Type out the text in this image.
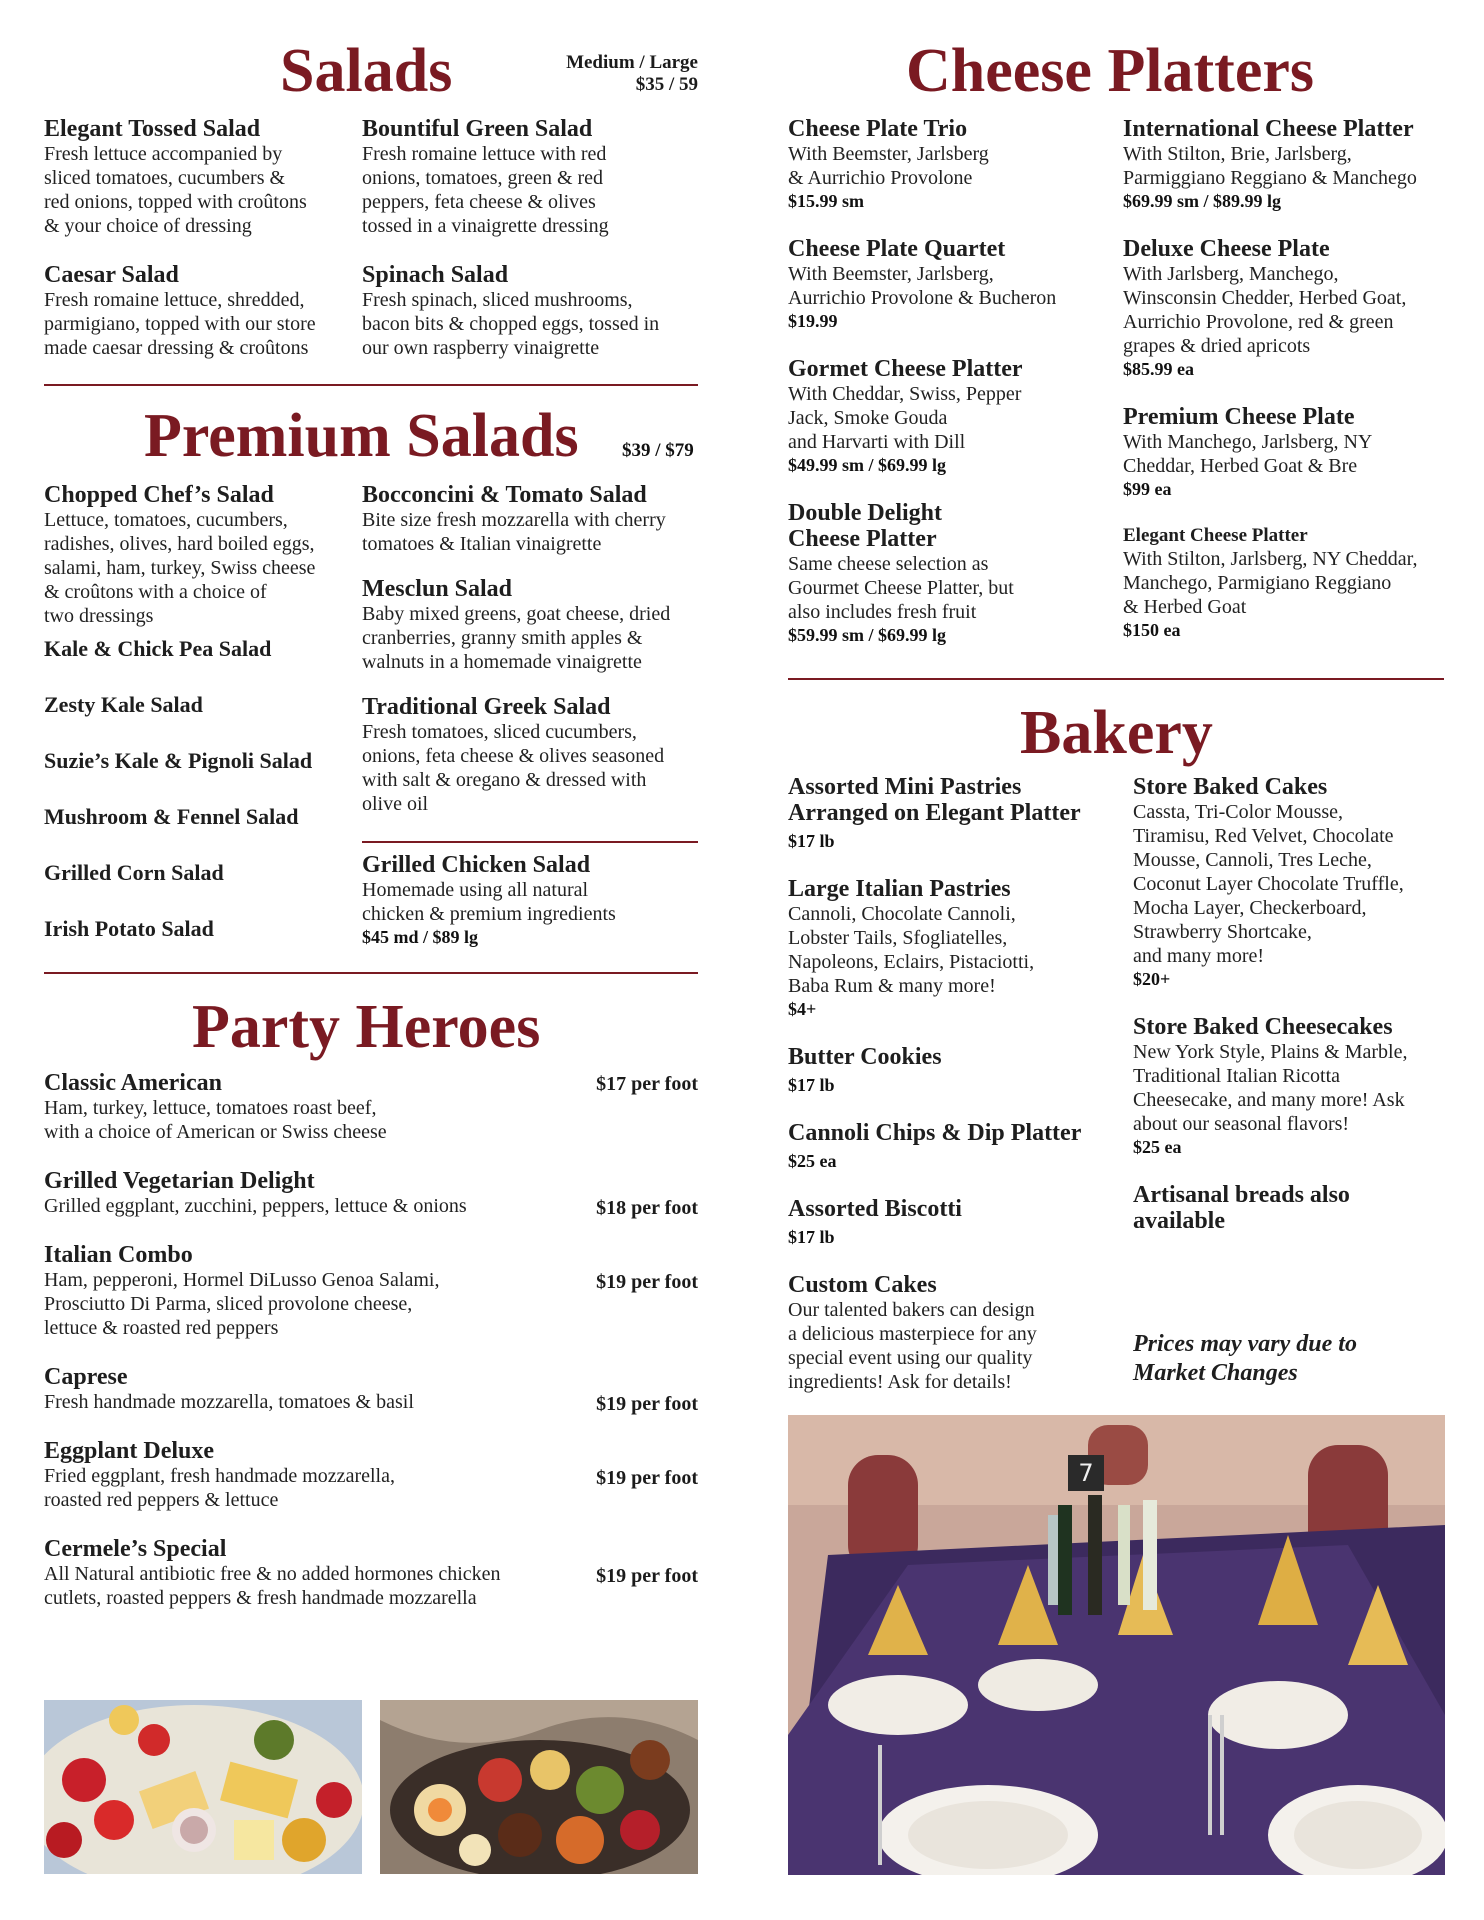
Salads	Medium / Large
$35 / 59
Elegant Tossed Salad
Fresh lettuce accompanied by
sliced tomatoes, cucumbers &
red onions, topped with croûtons
& your choice of dressing
Caesar Salad
Fresh romaine lettuce, shredded,
parmigiano, topped with our store
made caesar dressing & croûtons
Bountiful Green Salad
Fresh romaine lettuce with red
onions, tomatoes, green & red
peppers, feta cheese & olives
tossed in a vinaigrette dressing
Spinach Salad
Fresh spinach, sliced mushrooms,
bacon bits & chopped eggs, tossed in
our own raspberry vinaigrette
Premium Salads $39 / $79
Chopped Chef’s Salad
Lettuce, tomatoes, cucumbers,
radishes, olives, hard boiled eggs,
salami, ham, turkey, Swiss cheese
& croûtons with a choice of
two dressings
Kale & Chick Pea Salad
Zesty Kale Salad
Suzie’s Kale & Pignoli Salad
Mushroom & Fennel Salad
Grilled Corn Salad
Irish Potato Salad
Bocconcini & Tomato Salad
Bite size fresh mozzarella with cherry
tomatoes & Italian vinaigrette
Mesclun Salad
Baby mixed greens, goat cheese, dried
cranberries, granny smith apples &
walnuts in a homemade vinaigrette
Traditional Greek Salad
Fresh tomatoes, sliced cucumbers,
onions, feta cheese & olives seasoned
with salt & oregano & dressed with
olive oil
Grilled Chicken Salad
Homemade using all natural
chicken & premium ingredients
$45 md / $89 lg
Party Heroes
Classic American
Ham, turkey, lettuce, tomatoes roast beef,
with a choice of American or Swiss cheese
$17 per foot
Grilled Vegetarian Delight
Grilled eggplant, zucchini, peppers, lettuce & onions	$18 per foot
Italian Combo
Ham, pepperoni, Hormel DiLusso Genoa Salami,
Prosciutto Di Parma, sliced provolone cheese,
lettuce & roasted red peppers
$19 per foot
Caprese
Fresh handmade mozzarella, tomatoes & basil	$19 per foot
Eggplant Deluxe
Fried eggplant, fresh handmade mozzarella,
roasted red peppers & lettuce
$19 per foot
Cermele’s Special
All Natural antibiotic free & no added hormones chicken
cutlets, roasted peppers & fresh handmade mozzarella
$19 per foot
Cheese Platters
Cheese Plate Trio
With Beemster, Jarlsberg
& Aurrichio Provolone
$15.99 sm
Cheese Plate Quartet
With Beemster, Jarlsberg,
Aurrichio Provolone & Bucheron
$19.99
Gormet Cheese Platter
With Cheddar, Swiss, Pepper
Jack, Smoke Gouda
and Harvarti with Dill
$49.99 sm / $69.99 lg
Double Delight
Cheese Platter
Same cheese selection as
Gourmet Cheese Platter, but
also includes fresh fruit
$59.99 sm / $69.99 lg
International Cheese Platter
With Stilton, Brie, Jarlsberg,
Parmiggiano Reggiano & Manchego
$69.99 sm / $89.99 lg
Deluxe Cheese Plate
With Jarlsberg, Manchego,
Winsconsin Chedder, Herbed Goat,
Aurrichio Provolone, red & green
grapes & dried apricots
$85.99 ea
Premium Cheese Plate
With Manchego, Jarlsberg, NY
Cheddar, Herbed Goat & Bre
$99 ea
Elegant Cheese Platter
With Stilton, Jarlsberg, NY Cheddar,
Manchego, Parmigiano Reggiano
& Herbed Goat
$150 ea
Bakery
Assorted Mini Pastries
Arranged on Elegant Platter
$17 lb
Large Italian Pastries
Cannoli, Chocolate Cannoli,
Lobster Tails, Sfogliatelles,
Napoleons, Eclairs, Pistaciotti,
Baba Rum & many more!
$4+
Butter Cookies
$17 lb
Cannoli Chips & Dip Platter
$25 ea
Assorted Biscotti
$17 lb
Custom Cakes
Our talented bakers can design
a delicious masterpiece for any
special event using our quality
ingredients! Ask for details!
Store Baked Cakes
Cassta, Tri-Color Mousse,
Tiramisu, Red Velvet, Chocolate
Mousse, Cannoli, Tres Leche,
Coconut Layer Chocolate Truffle,
Mocha Layer, Checkerboard,
Strawberry Shortcake,
and many more!
$20+
Store Baked Cheesecakes
New York Style, Plains & Marble,
Traditional Italian Ricotta
Cheesecake, and many more! Ask
about our seasonal flavors!
$25 ea
Artisanal breads also
available
Prices may vary due to
Market Changes
7
